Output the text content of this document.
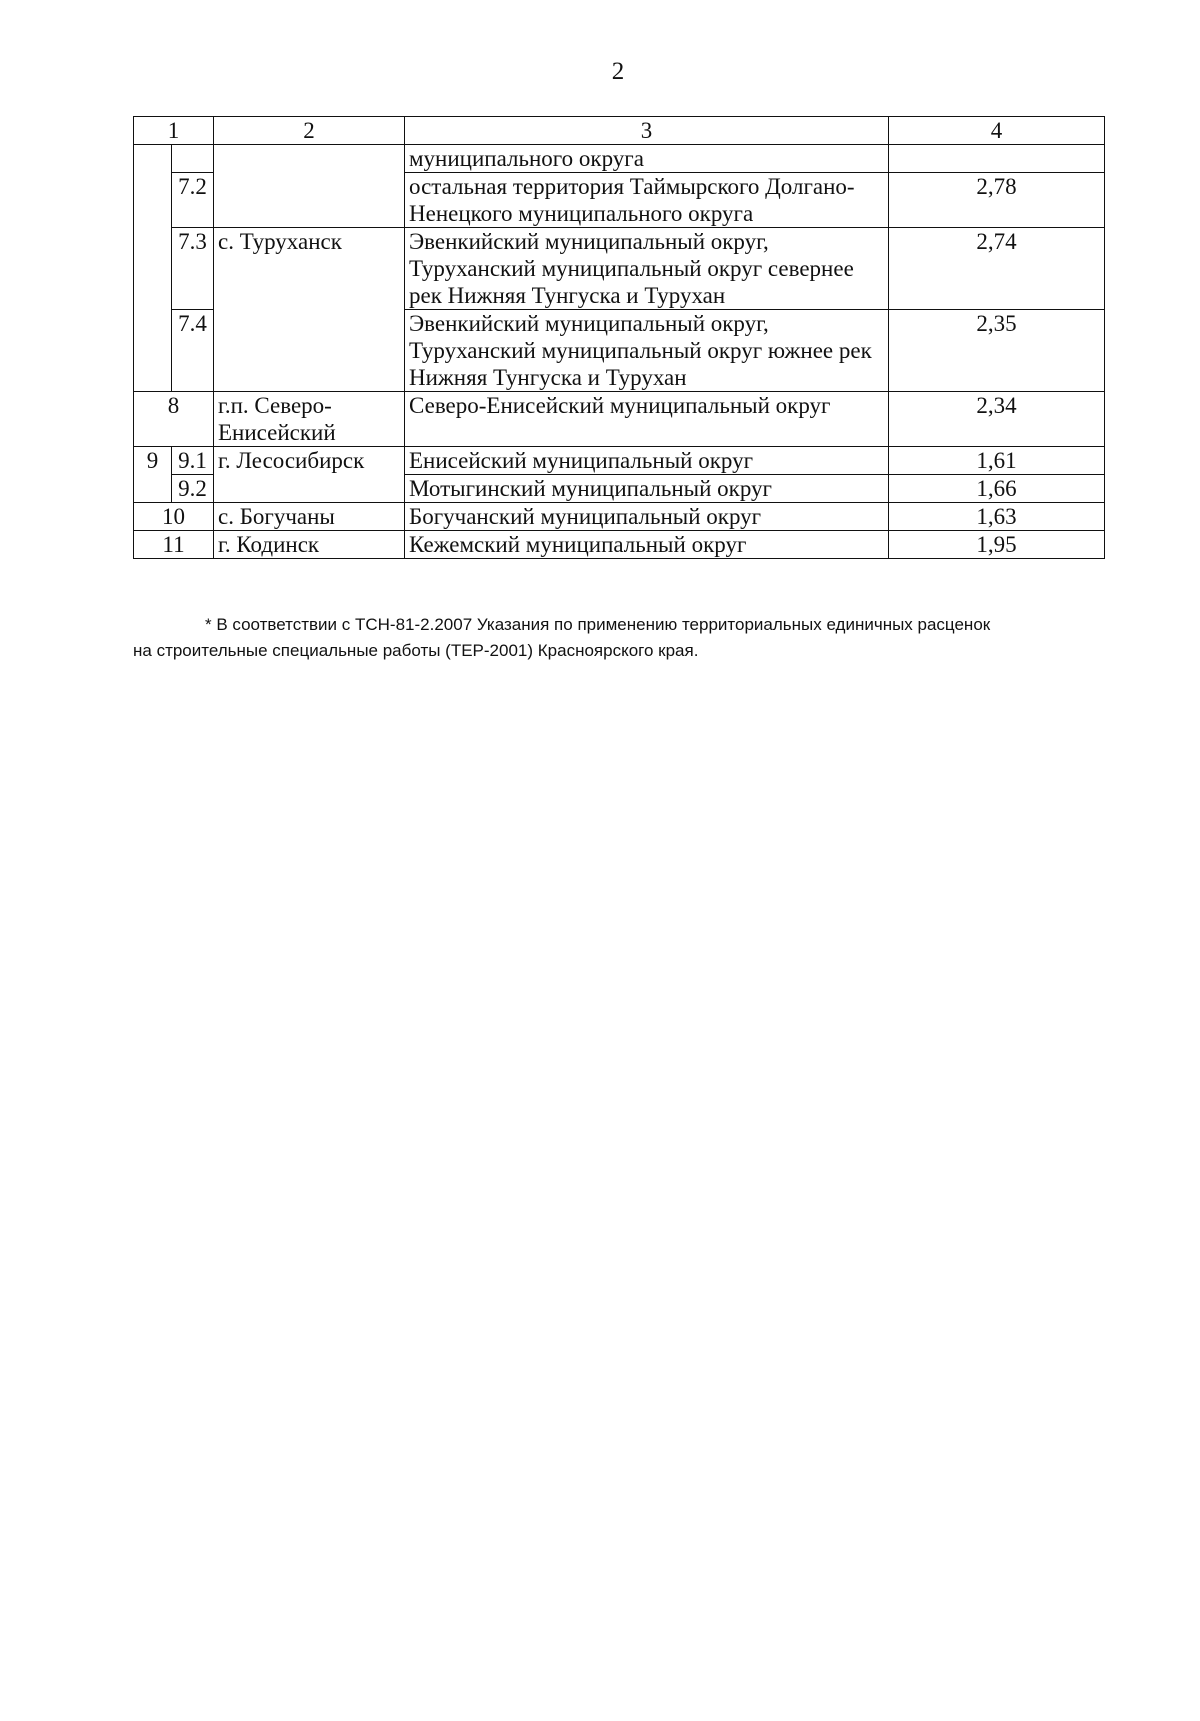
2
1		2	3	4
			муниципального округа	
	7.2		остальная территория Таймырского Долгано-Ненецкого муниципального округа	2,78
	7.3	с. Туруханск	Эвенкийский муниципальный округ, Туруханский муниципальный округ севернее рек Нижняя Тунгуска и Турухан	2,74
	7.4		Эвенкийский муниципальный округ, Туруханский муниципальный округ южнее рек Нижняя Тунгуска и Турухан	2,35
8		г.п. Северо-Енисейский	Северо-Енисейский муниципальный округ	2,34
9	9.1	г. Лесосибирск	Енисейский муниципальный округ	1,61
	9.2		Мотыгинский муниципальный округ	1,66
10		с. Богучаны	Богучанский муниципальный округ	1,63
11		г. Кодинск	Кежемский муниципальный округ	1,95
* В соответствии с ТСН-81-2.2007 Указания по применению территориальных единичных расценок
на строительные специальные работы (ТЕР-2001) Красноярского края.
